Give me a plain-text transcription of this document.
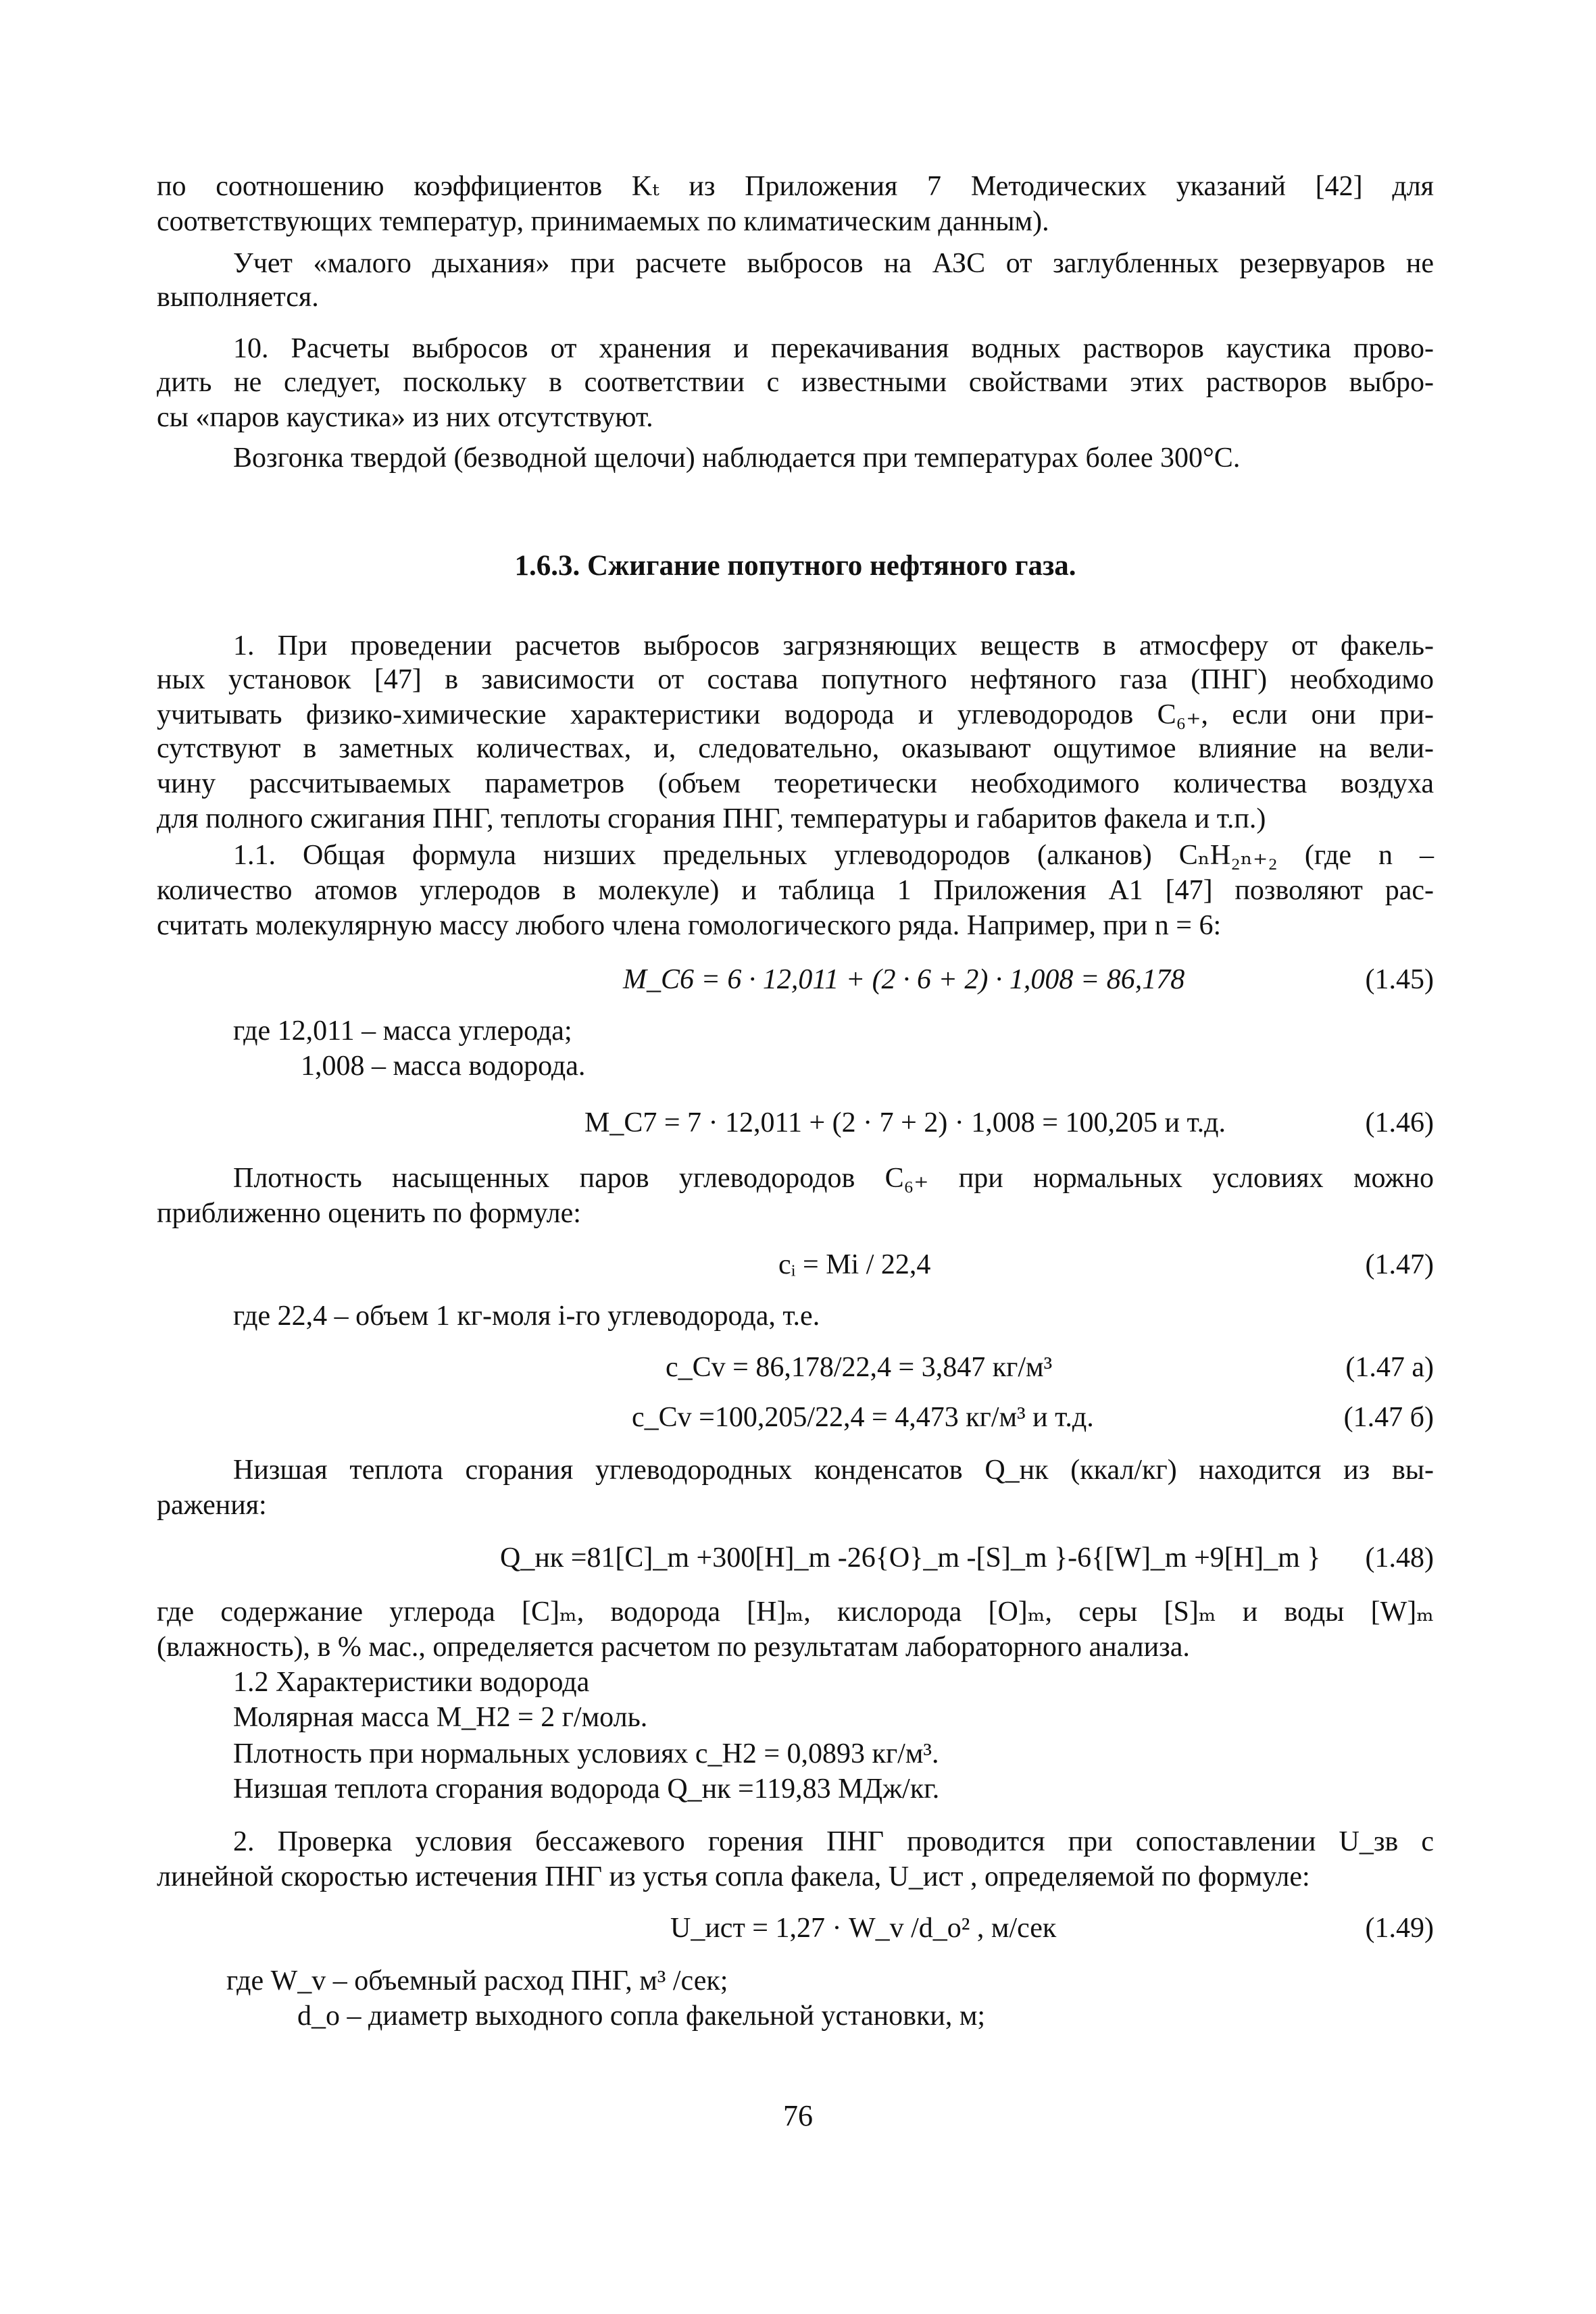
по соотношению коэффициентов Kₜ из Приложения 7 Методических указаний [42] для
соответствующих температур, принимаемых по климатическим данным).
Учет «малого дыхания» при расчете выбросов на АЗС от заглубленных резервуаров не
выполняется.
10. Расчеты выбросов от хранения и перекачивания водных растворов каустика прово-
дить не следует, поскольку в соответствии с известными свойствами этих растворов выбро-
сы «паров каустика» из них отсутствуют.
Возгонка твердой (безводной щелочи) наблюдается при температурах более 300°С.
1.6.3. Сжигание попутного нефтяного газа.
1. При проведении расчетов выбросов загрязняющих веществ в атмосферу от факель-
ных установок [47] в зависимости от состава попутного нефтяного газа (ПНГ) необходимо
учитывать физико-химические характеристики водорода и углеводородов С₆₊, если они при-
сутствуют в заметных количествах, и, следовательно, оказывают ощутимое влияние на вели-
чину рассчитываемых параметров (объем теоретически необходимого количества воздуха
для полного сжигания ПНГ, теплоты сгорания ПНГ, температуры и габаритов факела и т.п.)
1.1. Общая формула низших предельных углеводородов (алканов) CₙH₂ₙ₊₂ (где n –
количество атомов углеродов в молекуле) и таблица 1 Приложения А1 [47] позволяют рас-
считать молекулярную массу любого члена гомологического ряда. Например, при n = 6:
M_C6 = 6 · 12,011 + (2 · 6 + 2) · 1,008 = 86,178	(1.45)
где 12,011 – масса углерода;
1,008 – масса водорода.
M_C7 = 7 · 12,011 + (2 · 7 + 2) · 1,008 = 100,205 и т.д.	(1.46)
Плотность насыщенных паров углеводородов С₆₊ при нормальных условиях можно
приближенно оценить по формуле:
cᵢ = Mi / 22,4	(1.47)
где 22,4 – объем 1 кг-моля i-го углеводорода, т.е.
c_Cv = 86,178/22,4 = 3,847 кг/м³	(1.47 а)
c_Cv =100,205/22,4 = 4,473 кг/м³ и т.д.	(1.47 б)
Низшая теплота сгорания углеводородных конденсатов Q_нк (ккал/кг) находится из вы-
ражения:
Q_нк =81[C]_m +300[H]_m -26{O}_m -[S]_m }-6{[W]_m +9[H]_m } (1.48)
где содержание углерода [C]ₘ, водорода [H]ₘ, кислорода [O]ₘ, серы [S]ₘ и воды [W]ₘ
(влажность), в % мас., определяется расчетом по результатам лабораторного анализа.
1.2 Характеристики водорода
Молярная масса M_H2 = 2 г/моль.
Плотность при нормальных условиях c_H2 = 0,0893 кг/м³.
Низшая теплота сгорания водорода Q_нк =119,83 МДж/кг.
2. Проверка условия бессажевого горения ПНГ проводится при сопоставлении U_зв с
линейной скоростью истечения ПНГ из устья сопла факела, U_ист , определяемой по формуле:
U_ист = 1,27 · W_v /d_o² , м/сек	(1.49)
где W_v – объемный расход ПНГ, м³ /сек;
d_o – диаметр выходного сопла факельной установки, м;
76
